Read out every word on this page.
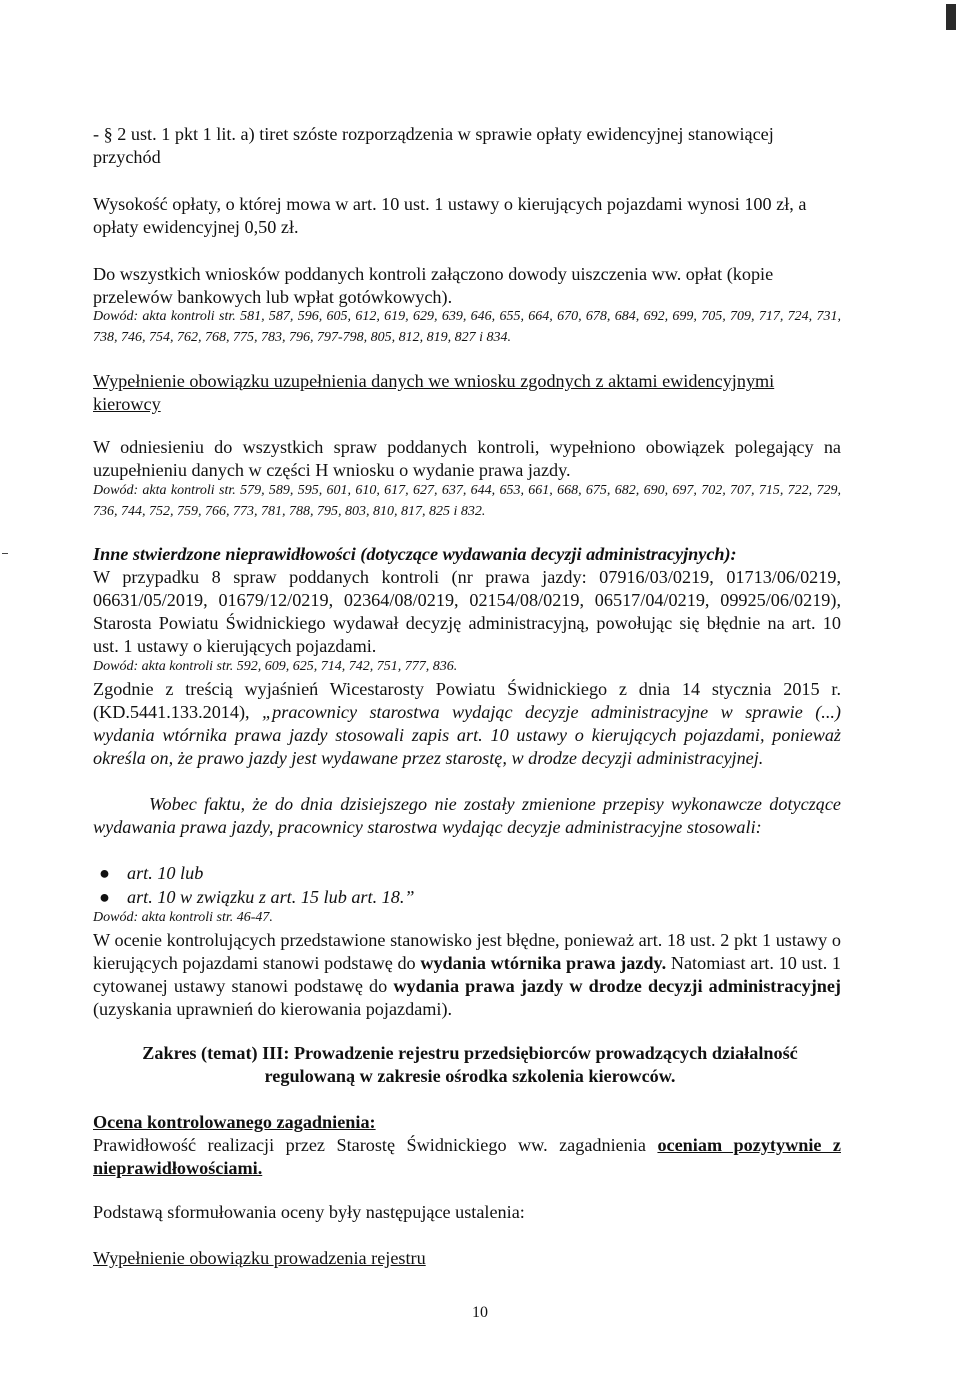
- § 2 ust. 1 pkt 1 lit. a) tiret szóste rozporządzenia w sprawie opłaty ewidencyjnej stanowiącej przychód

Wysokość opłaty, o której mowa w art. 10 ust. 1 ustawy o kierujących pojazdami wynosi 100 zł, a opłaty ewidencyjnej 0,50 zł.

Do wszystkich wniosków poddanych kontroli załączono dowody uiszczenia ww. opłat (kopie przelewów bankowych lub wpłat gotówkowych).

Dowód: akta kontroli str. 581, 587, 596, 605, 612, 619, 629, 639, 646, 655, 664, 670, 678, 684, 692, 699, 705, 709, 717, 724, 731, 738, 746, 754, 762, 768, 775, 783, 796, 797-798, 805, 812, 819, 827 i 834.

Wypełnienie obowiązku uzupełnienia danych we wniosku zgodnych z aktami ewidencyjnymi kierowcy

W odniesieniu do wszystkich spraw poddanych kontroli, wypełniono obowiązek polegający na uzupełnieniu danych w części H wniosku o wydanie prawa jazdy.

Dowód: akta kontroli str. 579, 589, 595, 601, 610, 617, 627, 637, 644, 653, 661, 668, 675, 682, 690, 697, 702, 707, 715, 722, 729, 736, 744, 752, 759, 766, 773, 781, 788, 795, 803, 810, 817, 825 i 832.

Inne stwierdzone nieprawidłowości (dotyczące wydawania decyzji administracyjnych):

W przypadku 8 spraw poddanych kontroli (nr prawa jazdy: 07916/03/0219, 01713/06/0219, 06631/05/2019, 01679/12/0219, 02364/08/0219, 02154/08/0219, 06517/04/0219, 09925/06/0219), Starosta Powiatu Świdnickiego wydawał decyzję administracyjną, powołując się błędnie na art. 10 ust. 1 ustawy o kierujących pojazdami.

Dowód: akta kontroli str. 592, 609, 625, 714, 742, 751, 777, 836.

Zgodnie z treścią wyjaśnień Wicestarosty Powiatu Świdnickiego z dnia 14 stycznia 2015 r. (KD.5441.133.2014), „pracownicy starostwa wydając decyzje administracyjne w sprawie (...) wydania wtórnika prawa jazdy stosowali zapis art. 10 ustawy o kierujących pojazdami, ponieważ określa on, że prawo jazdy jest wydawane przez starostę, w drodze decyzji administracyjnej.

Wobec faktu, że do dnia dzisiejszego nie zostały zmienione przepisy wykonawcze dotyczące wydawania prawa jazdy, pracownicy starostwa wydając decyzje administracyjne stosowali:

● art. 10 lub
● art. 10 w związku z art. 15 lub art. 18.”

Dowód: akta kontroli str. 46-47.

W ocenie kontrolujących przedstawione stanowisko jest błędne, ponieważ art. 18 ust. 2 pkt 1 ustawy o kierujących pojazdami stanowi podstawę do wydania wtórnika prawa jazdy. Natomiast art. 10 ust. 1 cytowanej ustawy stanowi podstawę do wydania prawa jazdy w drodze decyzji administracyjnej (uzyskania uprawnień do kierowania pojazdami).

Zakres (temat) III: Prowadzenie rejestru przedsiębiorców prowadzących działalność regulowaną w zakresie ośrodka szkolenia kierowców.

Ocena kontrolowanego zagadnienia:

Prawidłowość realizacji przez Starostę Świdnickiego ww. zagadnienia oceniam pozytywnie z nieprawidłowościami.

Podstawą sformułowania oceny były następujące ustalenia:

Wypełnienie obowiązku prowadzenia rejestru

10
